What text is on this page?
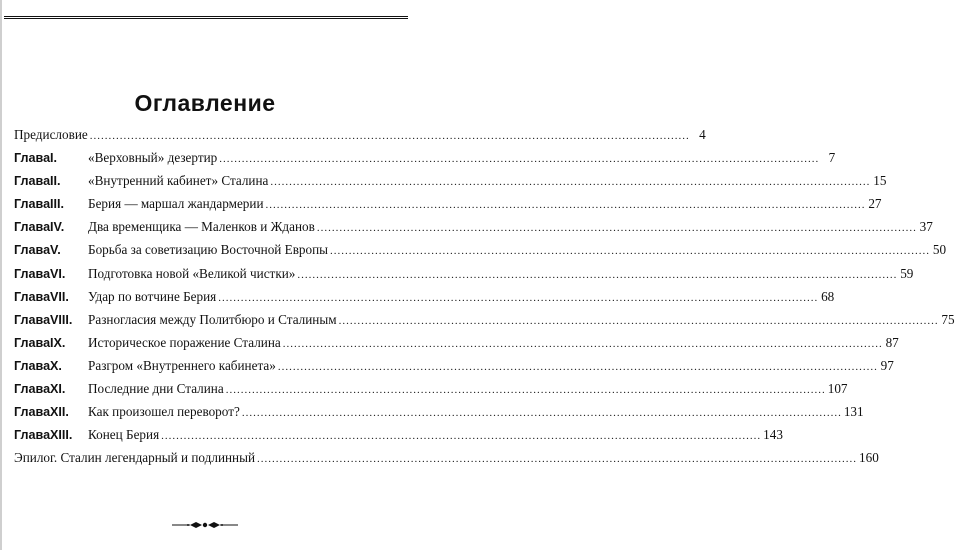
Оглавление
Предисловие .....	4
Глава I.	«Верховный» дезертир .....	7
Глава II.	«Внутренний кабинет» Сталина .....	15
Глава III.	Берия — маршал жандармерии .....	27
Глава IV.	Два временщика — Маленков и Жданов .....	37
Глава V.	Борьба за советизацию Восточной Европы .....	50
Глава VI.	Подготовка новой «Великой чистки» .....	59
Глава VII.	Удар по вотчине Берия .....	68
Глава VIII.	Разногласия между Политбюро и Сталиным .....	75
Глава IX.	Историческое поражение Сталина .....	87
Глава X.	Разгром «Внутреннего кабинета» .....	97
Глава XI.	Последние дни Сталина .....	107
Глава XII.	Как произошел переворот? .....	131
Глава XIII.	Конец Берия .....	143
Эпилог. Сталин легендарный и подлинный .....	160
